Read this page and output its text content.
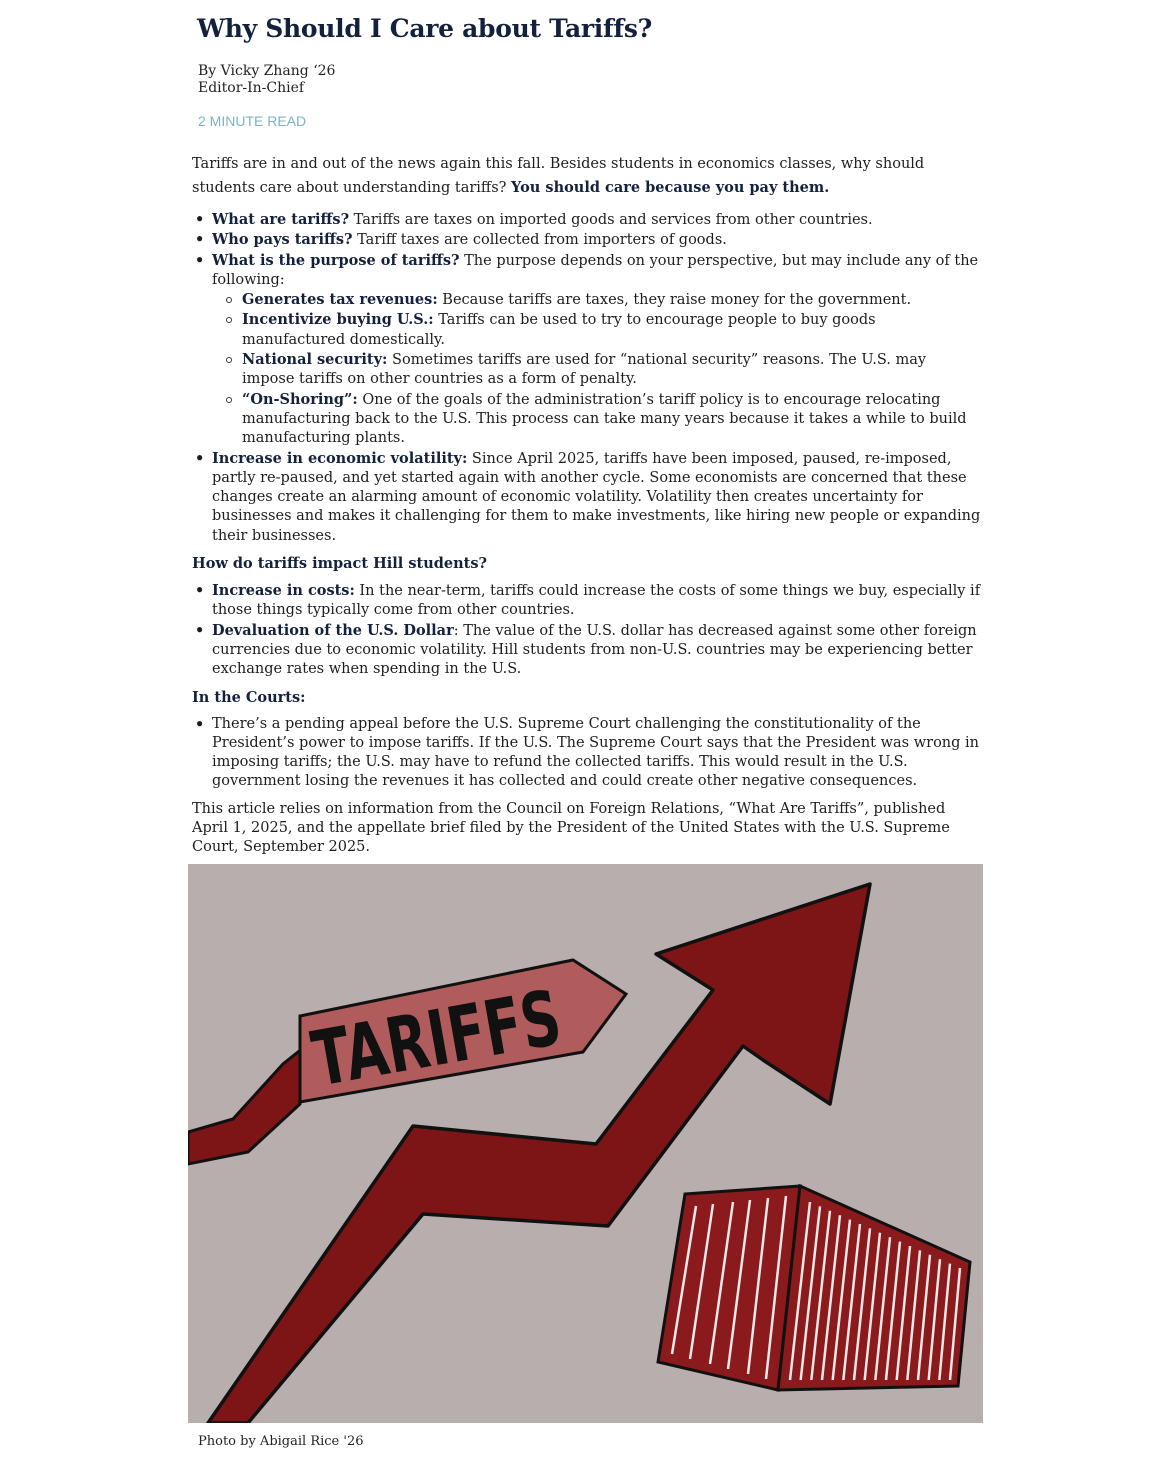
Why Should I Care about Tariffs?
By Vicky Zhang ‘26
Editor-In-Chief
2 MINUTE READ

Tariffs are in and out of the news again this fall. Besides students in economics classes, why should students care about understanding tariffs? You should care because you pay them.

• What are tariffs? Tariffs are taxes on imported goods and services from other countries.
• Who pays tariffs? Tariff taxes are collected from importers of goods.
• What is the purpose of tariffs? The purpose depends on your perspective, but may include any of the following:
Generates tax revenues: Because tariffs are taxes, they raise money for the government.
Incentivize buying U.S.: Tariffs can be used to try to encourage people to buy goods manufactured domestically.
National security: Sometimes tariffs are used for “national security” reasons. The U.S. may impose tariffs on other countries as a form of penalty.
“On-Shoring”: One of the goals of the administration’s tariff policy is to encourage relocating manufacturing back to the U.S. This process can take many years because it takes a while to build manufacturing plants.
• Increase in economic volatility: Since April 2025, tariffs have been imposed, paused, re-imposed, partly re-paused, and yet started again with another cycle. Some economists are concerned that these changes create an alarming amount of economic volatility. Volatility then creates uncertainty for businesses and makes it challenging for them to make investments, like hiring new people or expanding their businesses.
How do tariffs impact Hill students?
• Increase in costs: In the near-term, tariffs could increase the costs of some things we buy, especially if those things typically come from other countries.
• Devaluation of the U.S. Dollar: The value of the U.S. dollar has decreased against some other foreign currencies due to economic volatility. Hill students from non-U.S. countries may be experiencing better exchange rates when spending in the U.S.
In the Courts:
• There’s a pending appeal before the U.S. Supreme Court challenging the constitutionality of the President’s power to impose tariffs. If the U.S. The Supreme Court says that the President was wrong in imposing tariffs; the U.S. may have to refund the collected tariffs. This would result in the U.S. government losing the revenues it has collected and could create other negative consequences.

This article relies on information from the Council on Foreign Relations, “What Are Tariffs”, published April 1, 2025, and the appellate brief filed by the President of the United States with the U.S. Supreme Court, September 2025.

TARIFFS
Photo by Abigail Rice '26
